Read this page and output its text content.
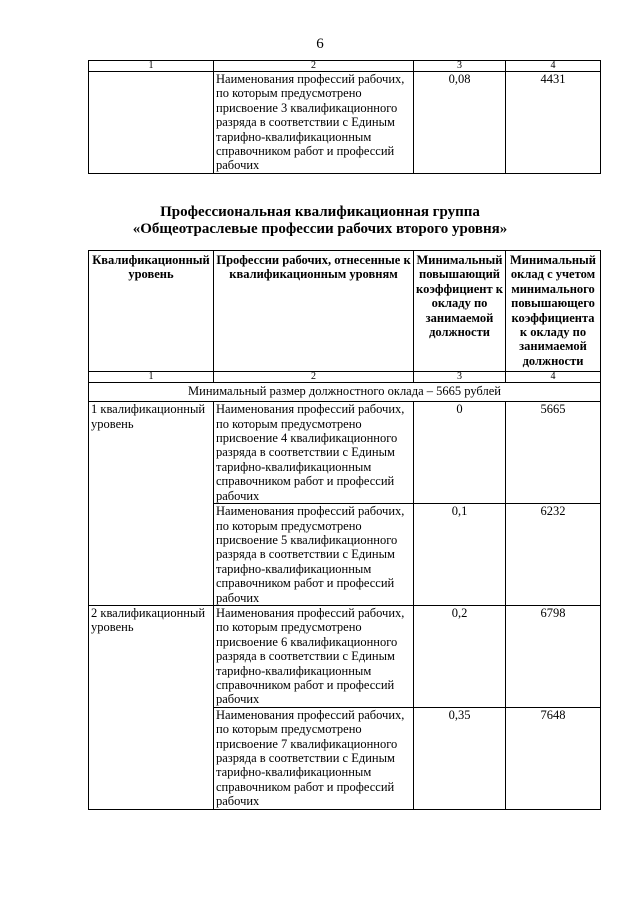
6
1	2	3	4
	Наименования профессий рабочих, по которым предусмотрено присвоение 3 квалификационного разряда в соответствии с Единым тарифно-квалификационным справочником работ и профессий рабочих	0,08	4431
Профессиональная квалификационная группа
«Общеотраслевые профессии рабочих второго уровня»
Квалификационный уровень	Профессии рабочих, отнесенные к квалификационным уровням	Минимальный повышающий коэффициент к окладу по занимаемой должности	Минимальный оклад с учетом минимального повышающего коэффициента к окладу по занимаемой должности
1	2	3	4
Минимальный размер должностного оклада – 5665 рублей			
1 квалификационный уровень	Наименования профессий рабочих, по которым предусмотрено присвоение 4 квалификационного разряда в соответствии с Единым тарифно-квалификационным справочником работ и профессий рабочих	0	5665
	Наименования профессий рабочих, по которым предусмотрено присвоение 5 квалификационного разряда в соответствии с Единым тарифно-квалификационным справочником работ и профессий рабочих	0,1	6232
2 квалификационный уровень	Наименования профессий рабочих, по которым предусмотрено присвоение 6 квалификационного разряда в соответствии с Единым тарифно-квалификационным справочником работ и профессий рабочих	0,2	6798
	Наименования профессий рабочих, по которым предусмотрено присвоение 7 квалификационного разряда в соответствии с Единым тарифно-квалификационным справочником работ и профессий рабочих	0,35	7648
